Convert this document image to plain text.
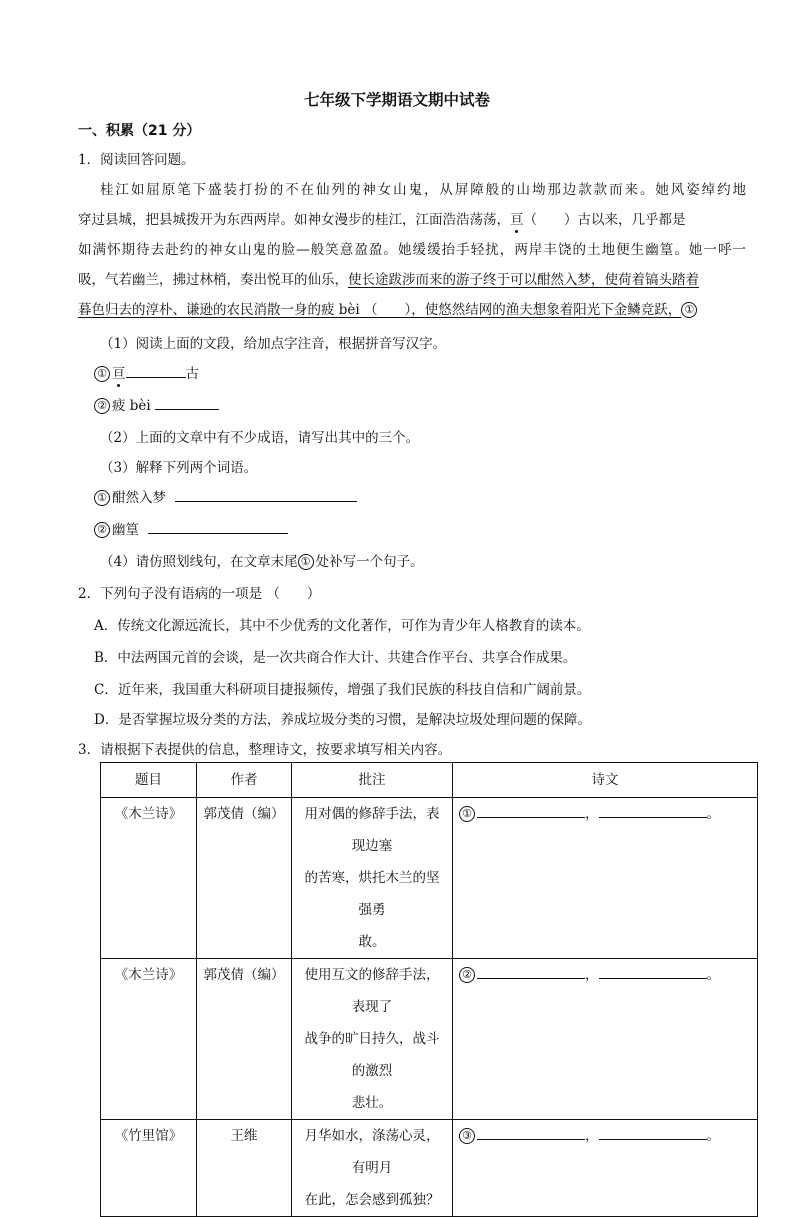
七年级下学期语文期中试卷
一、积累（21 分）
1．阅读回答问题。
桂江如屈原笔下盛装打扮的不在仙列的神女山鬼，从屏障般的山坳那边款款而来。她风姿绰约地
穿过县城，把县城拨开为东西两岸。如神女漫步的桂江，江面浩浩荡荡，亘（　　）古以来，几乎都是
如满怀期待去赴约的神女山鬼的脸—般笑意盈盈。她缓缓抬手轻扰，两岸丰饶的土地便生幽篁。她一呼一
吸，气若幽兰，拂过林梢，奏出悦耳的仙乐，使长途跋涉而来的游子终于可以酣然入梦，使荷着镐头踏着
暮色归去的淳朴、谦逊的农民消散一身的疲 bèi （　　），使悠然结网的渔夫想象着阳光下金鳞竞跃， ①
（1）阅读上面的文段，给加点字注音，根据拼音写汉字。
① 亘	古
② 疲 bèi
（2）上面的文章中有不少成语，请写出其中的三个。
（3）解释下列两个词语。
① 酣然入梦
② 幽篁
（4）请仿照划线句，在文章末尾 ① 处补写一个句子。
2．下列句子没有语病的一项是 （　　）
A．传统文化源远流长，其中不少优秀的文化著作，可作为青少年人格教育的读本。
B．中法两国元首的会谈，是一次共商合作大计、共建合作平台、共享合作成果。
C．近年来，我国重大科研项目捷报频传，增强了我们民族的科技自信和广阔前景。
D．是否掌握垃圾分类的方法，养成垃圾分类的习惯，是解决垃圾处理问题的保障。
3．请根据下表提供的信息，整理诗文，按要求填写相关内容。
题目	作者	批注	诗文
《木兰诗》	郭茂倩（编）	用对偶的修辞手法，表现边塞
的苦寒，烘托木兰的坚强勇
敢。	① ， 。
《木兰诗》	郭茂倩（编）	使用互文的修辞手法，表现了
战争的旷日持久，战斗的激烈
悲壮。	② ， 。
《竹里馆》	王维	月华如水，涤荡心灵，有明月
在此，怎会感到孤独？	③ ， 。
